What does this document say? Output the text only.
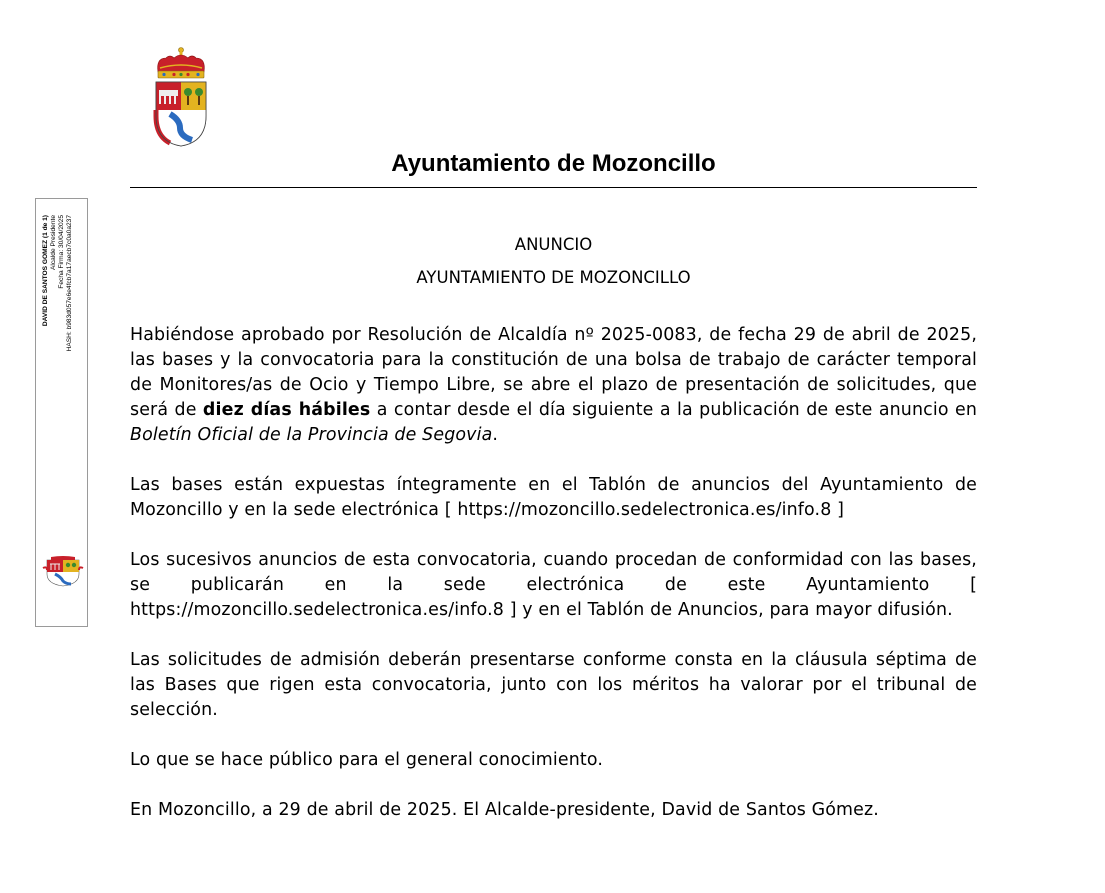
Ayuntamiento de Mozoncillo
ANUNCIO
AYUNTAMIENTO DE MOZONCILLO

Habiéndose aprobado por Resolución de Alcaldía nº 2025-0083, de fecha 29 de abril de 2025, las bases y la convocatoria para la constitución de una bolsa de trabajo de carácter temporal de Monitores/as de Ocio y Tiempo Libre, se abre el plazo de presentación de solicitudes, que será de diez días hábiles a contar desde el día siguiente a la publicación de este anuncio en Boletín Oficial de la Provincia de Segovia.

Las bases están expuestas íntegramente en el Tablón de anuncios del Ayuntamiento de Mozoncillo y en la sede electrónica [ https://mozoncillo.sedelectronica.es/info.8 ]

Los sucesivos anuncios de esta convocatoria, cuando procedan de conformidad con las bases, se publicarán en la sede electrónica de este Ayuntamiento [ https://mozoncillo.sedelectronica.es/info.8 ] y en el Tablón de Anuncios, para mayor difusión.

Las solicitudes de admisión deberán presentarse conforme consta en la cláusula séptima de las Bases que rigen esta convocatoria, junto con los méritos ha valorar por el tribunal de selección.

Lo que se hace público para el general conocimiento.

En Mozoncillo, a 29 de abril de 2025. El Alcalde-presidente, David de Santos Gómez.

DAVID DE SANTOS GOMEZ (1 de 1) Alcalde Presidente Fecha Firma: 30/04/2025 HASH: b983d057e6e4fcb7a17aecb7c0a0a237
